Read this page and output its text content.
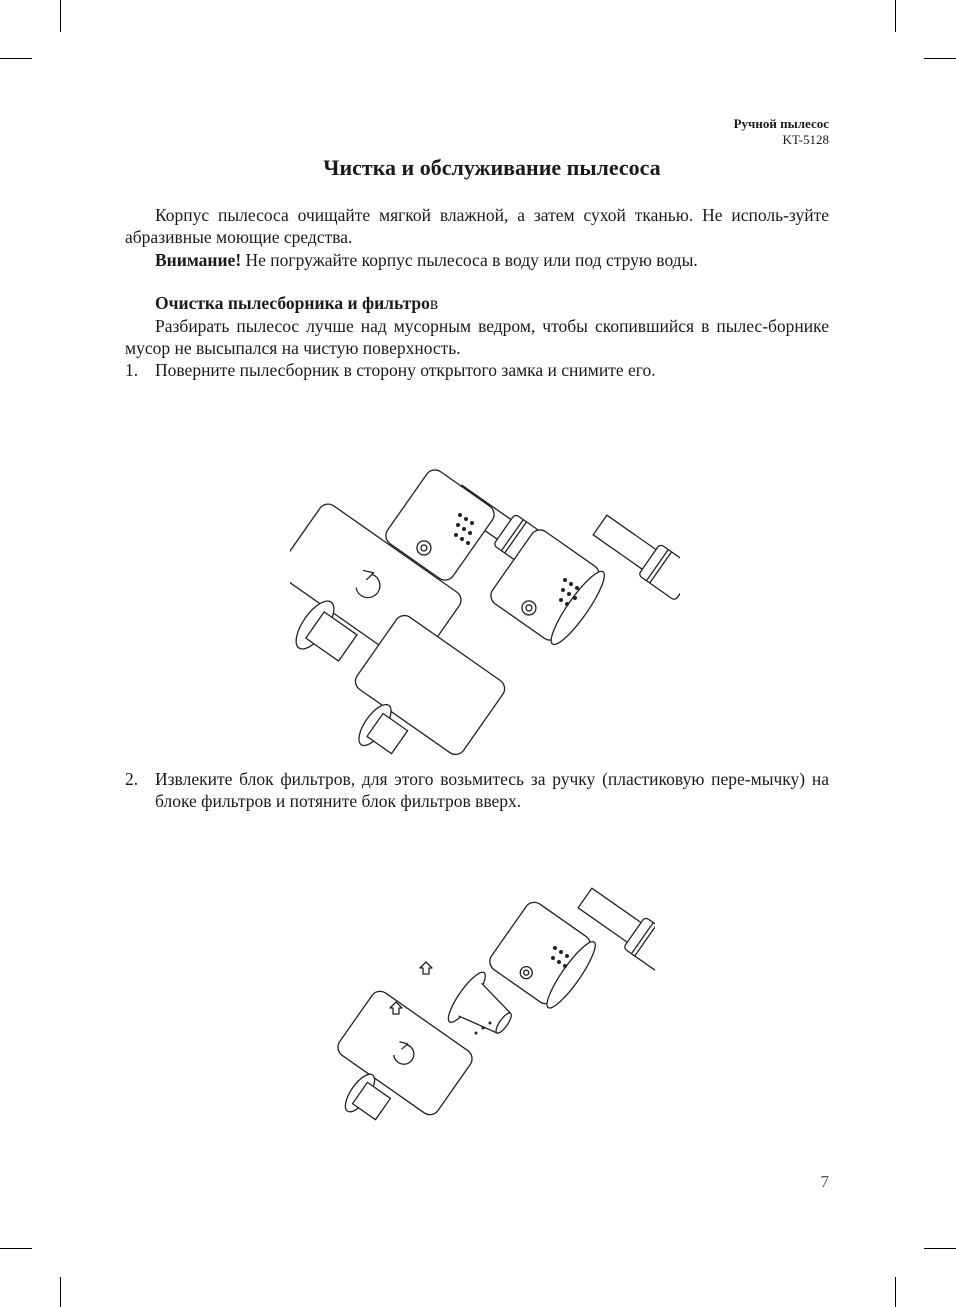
Ручной пылесос
KT-5128
Чистка и обслуживание пылесоса
Корпус пылесоса очищайте мягкой влажной, а затем сухой тканью. Не исполь-зуйте абразивные моющие средства.
Внимание! Не погружайте корпус пылесоса в воду или под струю воды.
Очистка пылесборника и фильтров
Разбирать пылесос лучше над мусорным ведром, чтобы скопившийся в пылес-борнике мусор не высыпался на чистую поверхность.
1. Поверните пылесборник в сторону открытого замка и снимите его.
2. Извлеките блок фильтров, для этого возьмитесь за ручку (пластиковую пере-мычку) на блоке фильтров и потяните блок фильтров вверх.
7
